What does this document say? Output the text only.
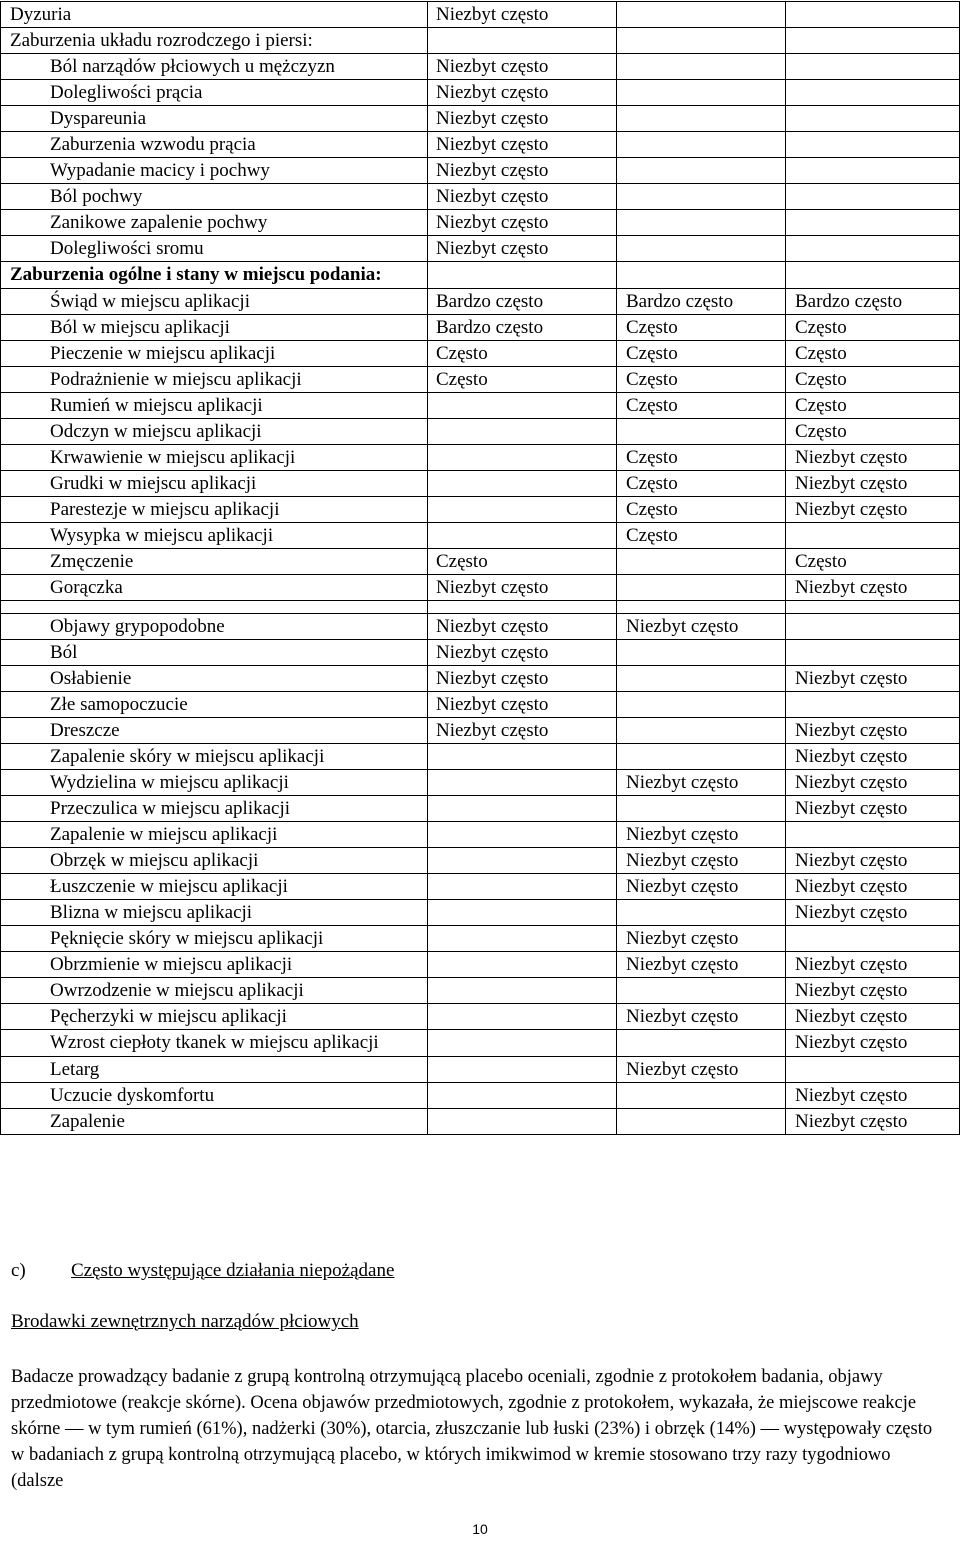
Dyzuria	Niezbyt często		
Zaburzenia układu rozrodczego i piersi:			
Ból narządów płciowych u mężczyzn	Niezbyt często		
Dolegliwości prącia	Niezbyt często		
Dyspareunia	Niezbyt często		
Zaburzenia wzwodu prącia	Niezbyt często		
Wypadanie macicy i pochwy	Niezbyt często		
Ból pochwy	Niezbyt często		
Zanikowe zapalenie pochwy	Niezbyt często		
Dolegliwości sromu	Niezbyt często		
Zaburzenia ogólne i stany w miejscu podania:			
Świąd w miejscu aplikacji	Bardzo często	Bardzo często	Bardzo często
Ból w miejscu aplikacji	Bardzo często	Często	Często
Pieczenie w miejscu aplikacji	Często	Często	Często
Podrażnienie w miejscu aplikacji	Często	Często	Często
Rumień w miejscu aplikacji		Często	Często
Odczyn w miejscu aplikacji			Często
Krwawienie w miejscu aplikacji		Często	Niezbyt często
Grudki w miejscu aplikacji		Często	Niezbyt często
Parestezje w miejscu aplikacji		Często	Niezbyt często
Wysypka w miejscu aplikacji		Często	
Zmęczenie	Często		Często
Gorączka	Niezbyt często		Niezbyt często

Objawy grypopodobne	Niezbyt często	Niezbyt często	
Ból	Niezbyt często		
Osłabienie	Niezbyt często		Niezbyt często
Złe samopoczucie	Niezbyt często		
Dreszcze	Niezbyt często		Niezbyt często
Zapalenie skóry w miejscu aplikacji			Niezbyt często
Wydzielina w miejscu aplikacji		Niezbyt często	Niezbyt często
Przeczulica w miejscu aplikacji			Niezbyt często
Zapalenie w miejscu aplikacji		Niezbyt często	
Obrzęk w miejscu aplikacji		Niezbyt często	Niezbyt często
Łuszczenie w miejscu aplikacji		Niezbyt często	Niezbyt często
Blizna w miejscu aplikacji			Niezbyt często
Pęknięcie skóry w miejscu aplikacji		Niezbyt często	
Obrzmienie w miejscu aplikacji		Niezbyt często	Niezbyt często
Owrzodzenie w miejscu aplikacji			Niezbyt często
Pęcherzyki w miejscu aplikacji		Niezbyt często	Niezbyt często
Wzrost ciepłoty tkanek w miejscu aplikacji			Niezbyt często
Letarg		Niezbyt często	
Uczucie dyskomfortu			Niezbyt często
Zapalenie			Niezbyt często
c) Często występujące działania niepożądane
Brodawki zewnętrznych narządów płciowych
Badacze prowadzący badanie z grupą kontrolną otrzymującą placebo oceniali, zgodnie z protokołem badania, objawy przedmiotowe (reakcje skórne). Ocena objawów przedmiotowych, zgodnie z protokołem, wykazała, że miejscowe reakcje skórne — w tym rumień (61%), nadżerki (30%), otarcia, złuszczanie lub łuski (23%) i obrzęk (14%) — występowały często w badaniach z grupą kontrolną otrzymującą placebo, w których imikwimod w kremie stosowano trzy razy tygodniowo (dalsze
10
